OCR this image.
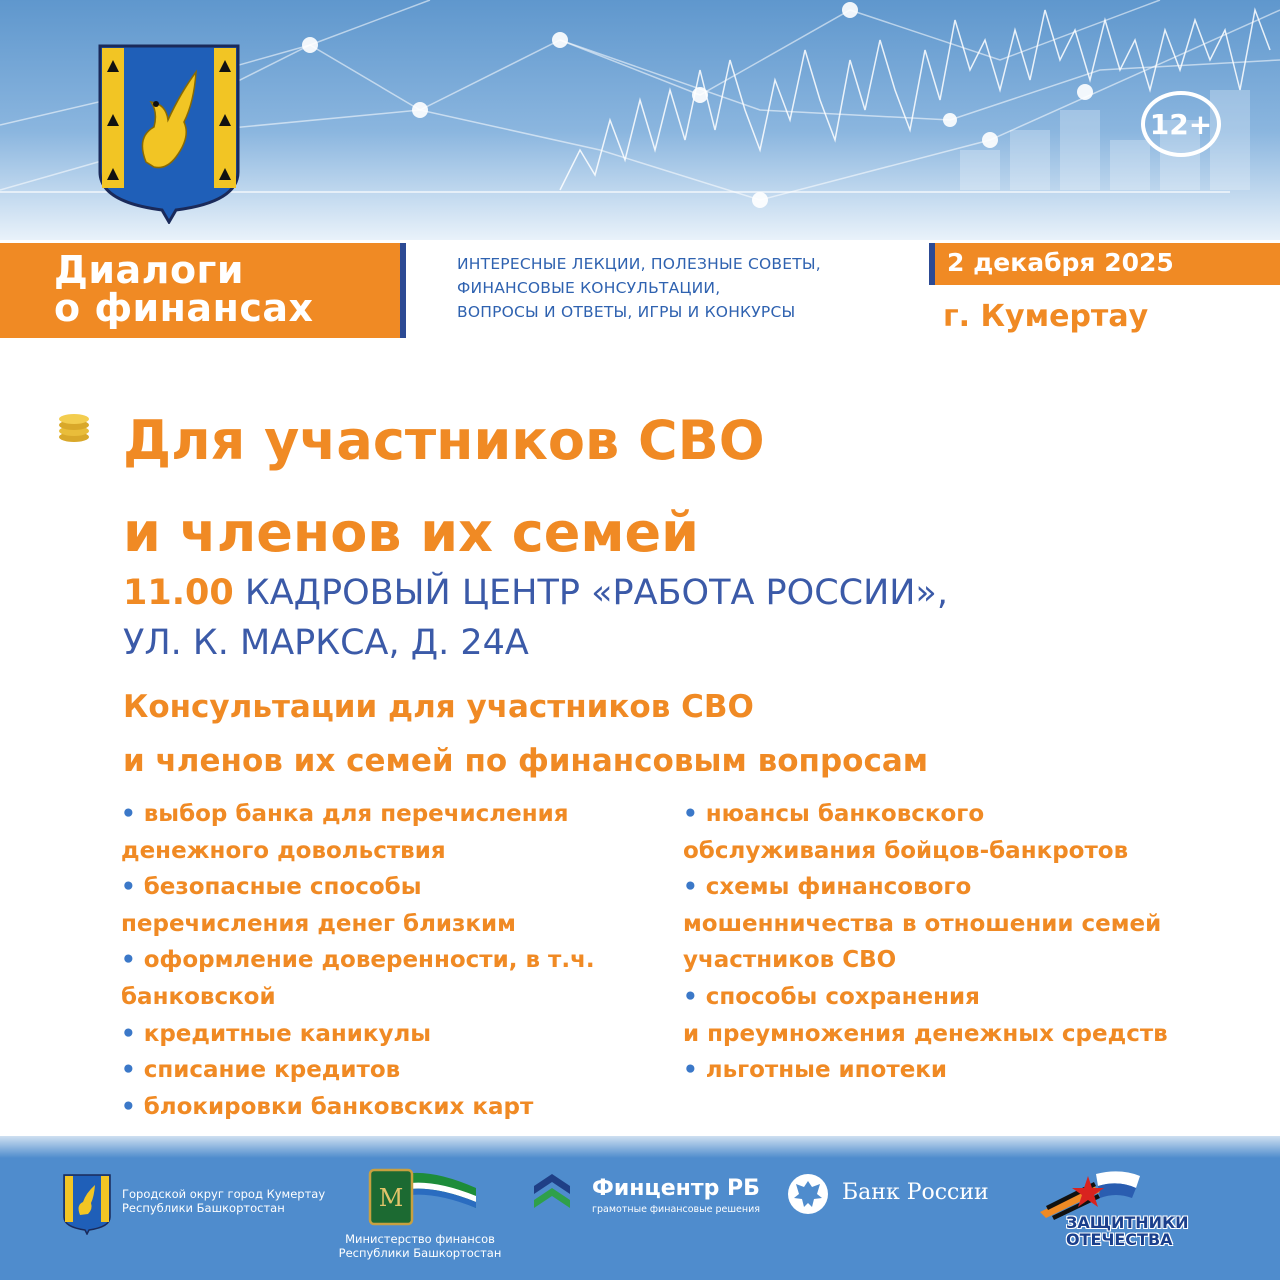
12+
Диалоги
о финансах
ИНТЕРЕСНЫЕ ЛЕКЦИИ, ПОЛЕЗНЫЕ СОВЕТЫ,
ФИНАНСОВЫЕ КОНСУЛЬТАЦИИ,
ВОПРОСЫ И ОТВЕТЫ, ИГРЫ И КОНКУРСЫ
2 декабря 2025
г. Кумертау
Для участников СВО
и членов их семей
11.00 КАДРОВЫЙ ЦЕНТР «РАБОТА РОССИИ»,
УЛ. К. МАРКСА, Д. 24А
Консультации для участников СВО
и членов их семей по финансовым вопросам
• выбор банка для перечисления
денежного довольствия
• безопасные способы
перечисления денег близким
• оформление доверенности, в т.ч.
банковской
• кредитные каникулы
• списание кредитов
• блокировки банковских карт
• нюансы банковского
обслуживания бойцов-банкротов
• схемы финансового
мошенничества в отношении семей
участников СВО
• способы сохранения
и преумножения денежных средств
• льготные ипотеки
Городской округ город Кумертау
Республики Башкортостан	M
Министерство финансов
Республики Башкортостан
Финцентр РБ
грамотные финансовые решения
Банк России
ЗАЩИТНИКИ
ОТЕЧЕСТВА
